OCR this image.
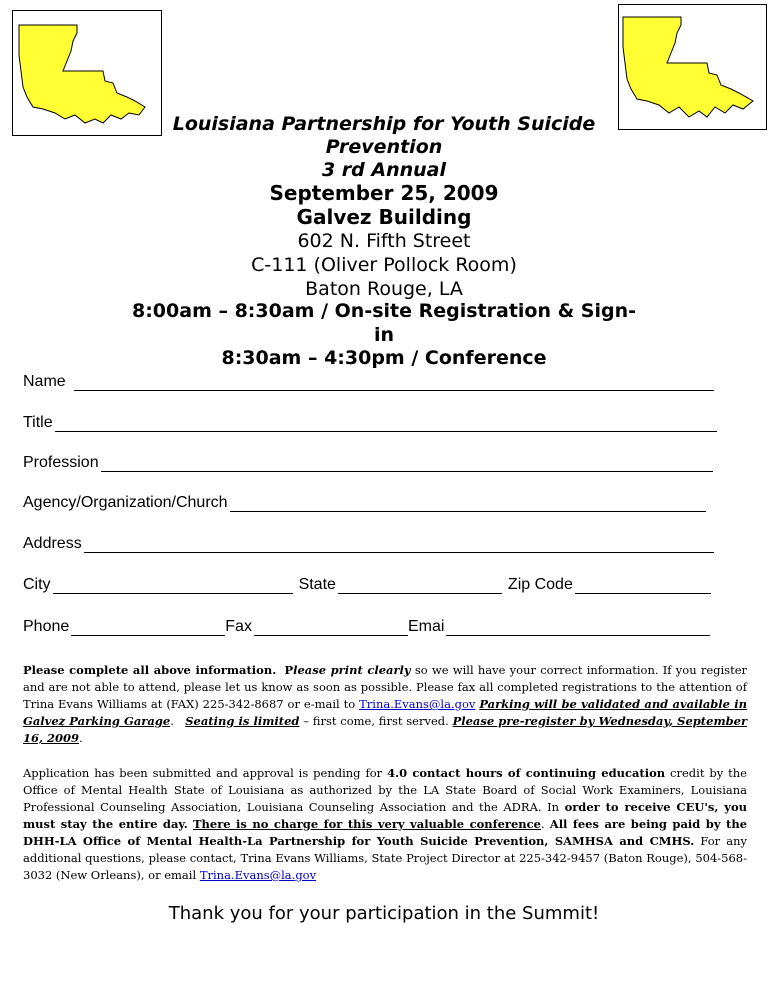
Louisiana Partnership for Youth Suicide
Prevention
3 rd Annual
September 25, 2009
Galvez Building
602 N. Fifth Street
C-111 (Oliver Pollock Room)
Baton Rouge, LA
8:00am – 8:30am / On-site Registration & Sign-
in
8:30am – 4:30pm / Conference
Name
Title
Profession
Agency/Organization/Church
Address
City	State	Zip Code
Phone	Fax	Emai
Please complete all above information. Please print clearly so we will have your correct information. If you register and are not able to attend, please let us know as soon as possible. Please fax all completed registrations to the attention of Trina Evans Williams at (FAX) 225-342-8687 or e-mail to Trina.Evans@la.gov Parking will be validated and available in Galvez Parking Garage.   Seating is limited – first come, first served. Please pre-register by Wednesday, September 16, 2009.
Application has been submitted and approval is pending for 4.0 contact hours of continuing education credit by the Office of Mental Health State of Louisiana as authorized by the LA State Board of Social Work Examiners, Louisiana Professional Counseling Association, Louisiana Counseling Association and the ADRA. In order to receive CEU's, you must stay the entire day. There is no charge for this very valuable conference. All fees are being paid by the DHH-LA Office of Mental Health-La Partnership for Youth Suicide Prevention, SAMHSA and CMHS. For any additional questions, please contact, Trina Evans Williams, State Project Director at 225-342-9457 (Baton Rouge), 504-568-3032 (New Orleans), or email Trina.Evans@la.gov
Thank you for your participation in the Summit!
